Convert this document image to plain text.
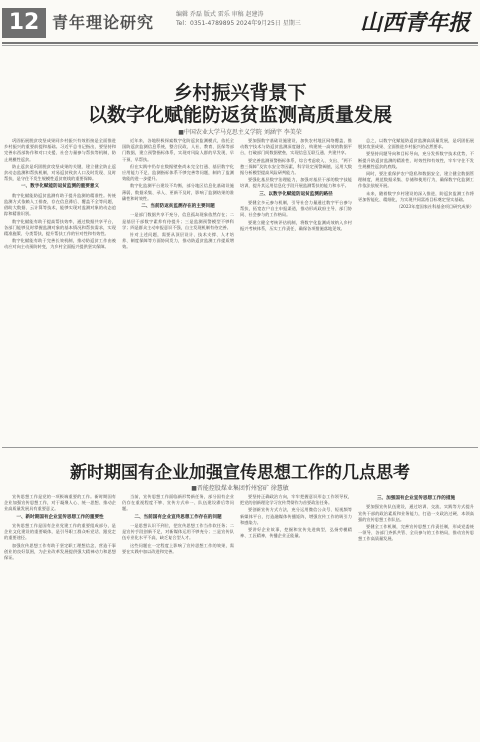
12 青年理论研究	编辑 乔磊 版式 雷乐 审稿 赵建涛
Tel：0351-4789895 2024年9月25日 星期三	山西青年报
乡村振兴背景下
以数字化赋能防返贫监测高质量发展
■中国农业大学马克思主义学院 刘涵宇 李美荣

巩固拓展脱贫攻坚成果同乡村振兴有效衔接是全面推进乡村振兴的重要前提和基础。习近平总书记指出，要坚持和完善东西部协作和对口支援、社会力量参与帮扶等机制，防止规模性返贫。

防止返贫是巩固脱贫攻坚成果的关键，建立健全防止返贫动态监测和帮扶机制，对易返贫致贫人口及时发现、及时帮扶，是守住不发生规模性返贫底线的重要保障。

一、数字化赋能防返贫监测的重要意义

数字化赋能防返贫监测有助于提升监测的精准性。传统监测方式依赖人工排查，存在信息滞后、覆盖不全等问题，借助大数据、云计算等技术，能够实现对监测对象的动态追踪和精准识别。

数字化赋能有助于提高帮扶效率，通过数据共享平台，各部门能够及时掌握监测对象的基本情况和帮扶需求，实现精准施策、分类帮扶，提升帮扶工作的针对性和有效性。

数字化赋能有助于完善长效机制，推动防返贫工作由被动应对向主动预防转变，为乡村全面振兴提供坚实保障。

近年来，各地积极探索数字化防返贫监测模式，依托全国防返贫监测信息系统，整合民政、人社、教育、医保等部门数据，建立预警指标体系，实现对风险人群的早发现、早干预、早帮扶。

但在实践中仍存在数据壁垒尚未完全打通、基层数字化应用能力不足、监测指标体系不够完善等问题，制约了监测效能的进一步提升。

数字化监测平台建设不均衡，部分地区信息化基础设施薄弱，数据采集、录入、更新不及时，影响了监测结果的准确性和时效性。

二、当前防返贫监测存在的主要问题

一是部门数据共享不充分，信息孤岛现象依然存在；二是基层干部数字素养有待提升；三是监测预警模型不够科学；四是群众主动申报意识不强，自主发现机制有待完善。

针对上述问题，需要从顶层设计、技术支撑、人才培养、制度保障等方面协同发力，推动防返贫监测工作提质增效。

要加强数字基础设施建设，加快农村地区网络覆盖，推动数字技术与防返贫监测深度融合，构建统一高效的数据平台，打破部门间数据壁垒，实现信息互联互通、共建共享。

要完善监测预警指标体系，综合考虑收入、支出、“两不愁三保障”及饮水安全等因素，科学设定预警阈值，运用大数据分析模型提高风险研判能力。

要强化基层数字治理能力，加强对基层干部的数字技能培训，提升其运用信息化手段开展监测帮扶的能力和水平。

三、以数字化赋能防返贫监测的路径

要健全多元参与机制，引导社会力量通过数字平台参与帮扶，拓宽农户自主申报渠道，推动形成政府主导、部门协同、社会参与的工作格局。

要建立健全考核评估机制，将数字化监测成效纳入乡村振兴考核体系，压实工作责任，确保各项措施落地见效。

总之，以数字化赋能防返贫监测高质量发展，是巩固拓展脱贫攻坚成果、全面推进乡村振兴的必然要求。

要坚持问题导向和目标导向，充分发挥数字技术优势，不断提升防返贫监测的精准性、时效性和有效性，牢牢守住不发生规模性返贫的底线。

同时，要注重保护农户隐私和数据安全，建立健全数据管理制度，规范数据采集、存储和使用行为，确保数字化监测工作依法依规开展。

未来，随着数字乡村建设的深入推进，防返贫监测工作将更加智能化、精细化，为实现共同富裕目标奠定坚实基础。

（2023年度国家社科基金项目研究成果）
新时期国有企业加强宣传思想工作的几点思考
■晋能控股煤业集团忻州窑矿 徐慧敏

宣传思想工作是党的一项极端重要的工作。新时期国有企业加强宣传思想工作，对于凝聚人心、统一思想、推动企业高质量发展具有重要意义。

一、新时期国有企业宣传思想工作的重要性

宣传思想工作是国有企业党建工作的重要组成部分，是企业文化建设的重要载体，是引导职工群众听党话、跟党走的重要途径。

加强宣传思想工作有助于坚定职工理想信念，营造干事创业的良好氛围，为企业改革发展提供强大精神动力和思想保证。

当前，宣传思想工作面临新形势新任务，部分国有企业仍存在重视程度不够、宣传方式单一、队伍建设滞后等问题。

二、当前国有企业宣传思想工作存在的问题

一是思想认识不到位，把宣传思想工作当作软任务；二是宣传手段创新不足，对新媒体运用不够充分；三是宣传队伍专业化水平不高，缺乏复合型人才。

这些问题在一定程度上影响了宣传思想工作的效果，需要在实践中加以改进和完善。

要坚持正确政治方向，牢牢把握意识形态工作领导权，把党的创新理论学习宣传贯彻作为首要政治任务。

要创新宣传方式方法，充分运用微信公众号、短视频等新媒体平台，打造融媒体传播矩阵，增强宣传工作的吸引力和感染力。

要讲好企业故事，挖掘和宣传先进典型，弘扬劳模精神、工匠精神，传播企业正能量。

三、加强国有企业宣传思想工作的措施

要加强宣传队伍建设，通过培训、交流、实践等方式提升宣传干部的政治素质和业务能力，打造一支政治过硬、本领高强的宣传思想工作队伍。

要健全工作机制，完善宣传思想工作责任制，形成党委统一领导、各部门齐抓共管、全员参与的工作格局，推动宣传思想工作高质量发展。
